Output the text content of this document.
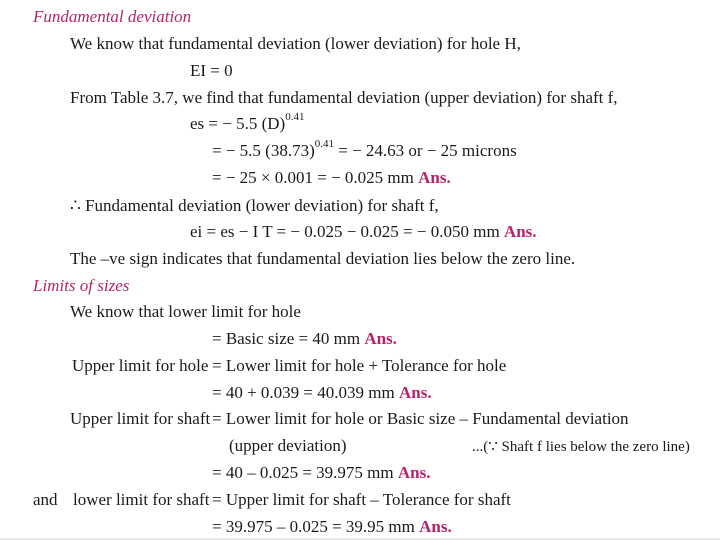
Fundamental deviation
We know that fundamental deviation (lower deviation) for hole H,
EI = 0
From Table 3.7, we find that fundamental deviation (upper deviation) for shaft f,
es = − 5.5 $(D)^{0.41}$
= − 5.5 $(38.73)^{0.41}$ = − 24.63 or − 25 microns
= − 25 × 0.001 = − 0.025 mm Ans.
∴ Fundamental deviation (lower deviation) for shaft f,
ei = es − I T = − 0.025 − 0.025 = − 0.050 mm Ans.
The –ve sign indicates that fundamental deviation lies below the zero line.
Limits of sizes
We know that lower limit for hole
= Basic size = 40 mm Ans.
Upper limit for hole = Lower limit for hole + Tolerance for hole
= 40 + 0.039 = 40.039 mm Ans.
Upper limit for shaft = Lower limit for hole or Basic size – Fundamental deviation
(upper deviation)	...(∵ Shaft f lies below the zero line)
= 40 – 0.025 = 39.975 mm Ans.
and lower limit for shaft = Upper limit for shaft – Tolerance for shaft
= 39.975 – 0.025 = 39.95 mm Ans.
